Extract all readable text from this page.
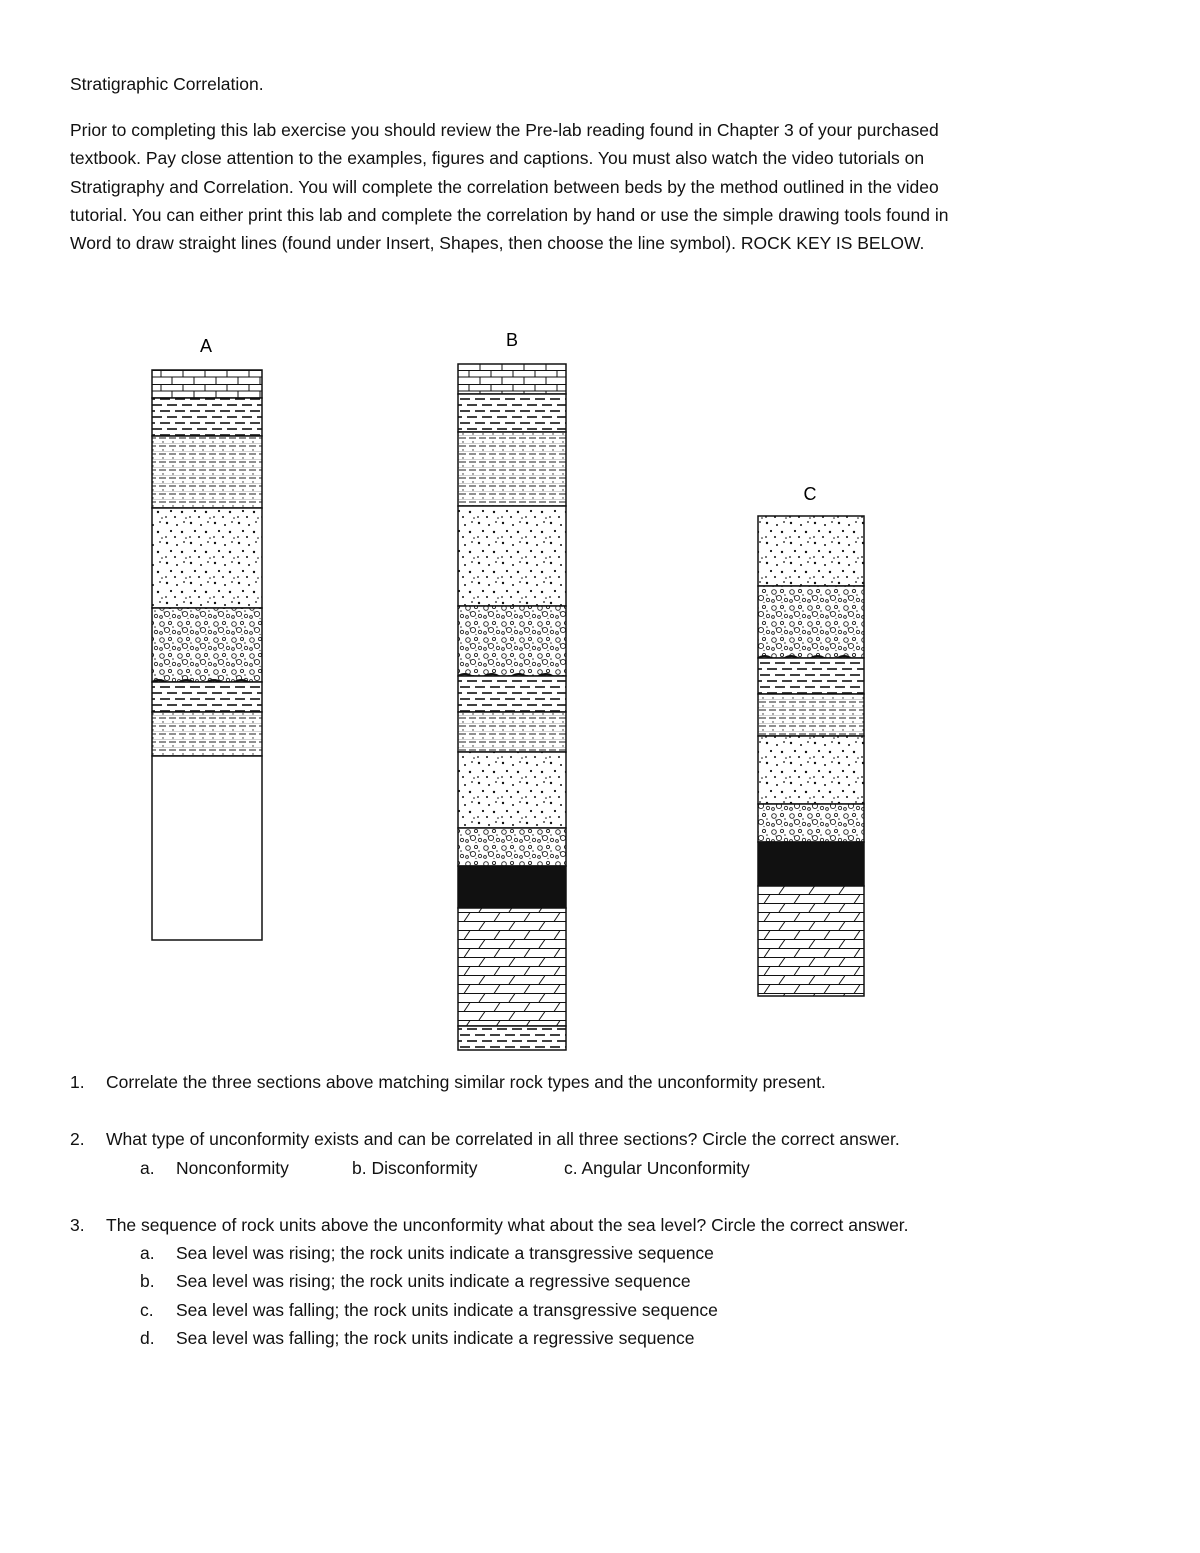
Stratigraphic Correlation.
Prior to completing this lab exercise you should review the Pre-lab reading found in Chapter 3 of your purchased
textbook. Pay close attention to the examples, figures and captions. You must also watch the video tutorials on
Stratigraphy and Correlation. You will complete the correlation between beds by the method outlined in the video
tutorial. You can either print this lab and complete the correlation by hand or use the simple drawing tools found in
Word to draw straight lines (found under Insert, Shapes, then choose the line symbol). ROCK KEY IS BELOW.
A	B
C
1. Correlate the three sections above matching similar rock types and the unconformity present.
2. What type of unconformity exists and can be correlated in all three sections? Circle the correct answer.
a. Nonconformity	b. Disconformity	c. Angular Unconformity
3. The sequence of rock units above the unconformity what about the sea level? Circle the correct answer.
a. Sea level was rising; the rock units indicate a transgressive sequence
b. Sea level was rising; the rock units indicate a regressive sequence
c. Sea level was falling; the rock units indicate a transgressive sequence
d. Sea level was falling; the rock units indicate a regressive sequence
